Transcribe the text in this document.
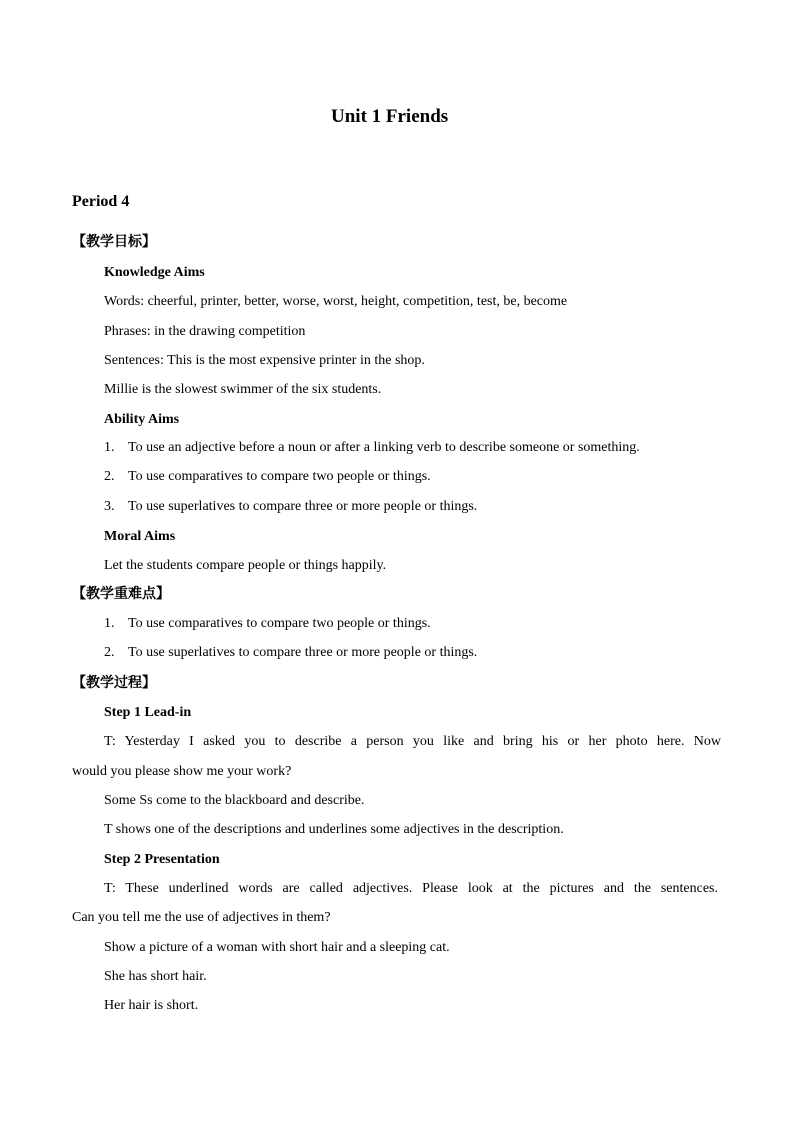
Unit 1 Friends
Period 4
【教学目标】
Knowledge Aims
Words: cheerful, printer, better, worse, worst, height, competition, test, be, become
Phrases: in the drawing competition
Sentences: This is the most expensive printer in the shop.
Millie is the slowest swimmer of the six students.
Ability Aims
1. To use an adjective before a noun or after a linking verb to describe someone or something.
2. To use comparatives to compare two people or things.
3. To use superlatives to compare three or more people or things.
Moral Aims
Let the students compare people or things happily.
【教学重难点】
1. To use comparatives to compare two people or things.
2. To use superlatives to compare three or more people or things.
【教学过程】
Step 1 Lead-in
T: Yesterday I asked you to describe a person you like and bring his or her photo here. Now
would you please show me your work?
Some Ss come to the blackboard and describe.
T shows one of the descriptions and underlines some adjectives in the description.
Step 2 Presentation
T: These underlined words are called adjectives. Please look at the pictures and the sentences.
Can you tell me the use of adjectives in them?
Show a picture of a woman with short hair and a sleeping cat.
She has short hair.
Her hair is short.
